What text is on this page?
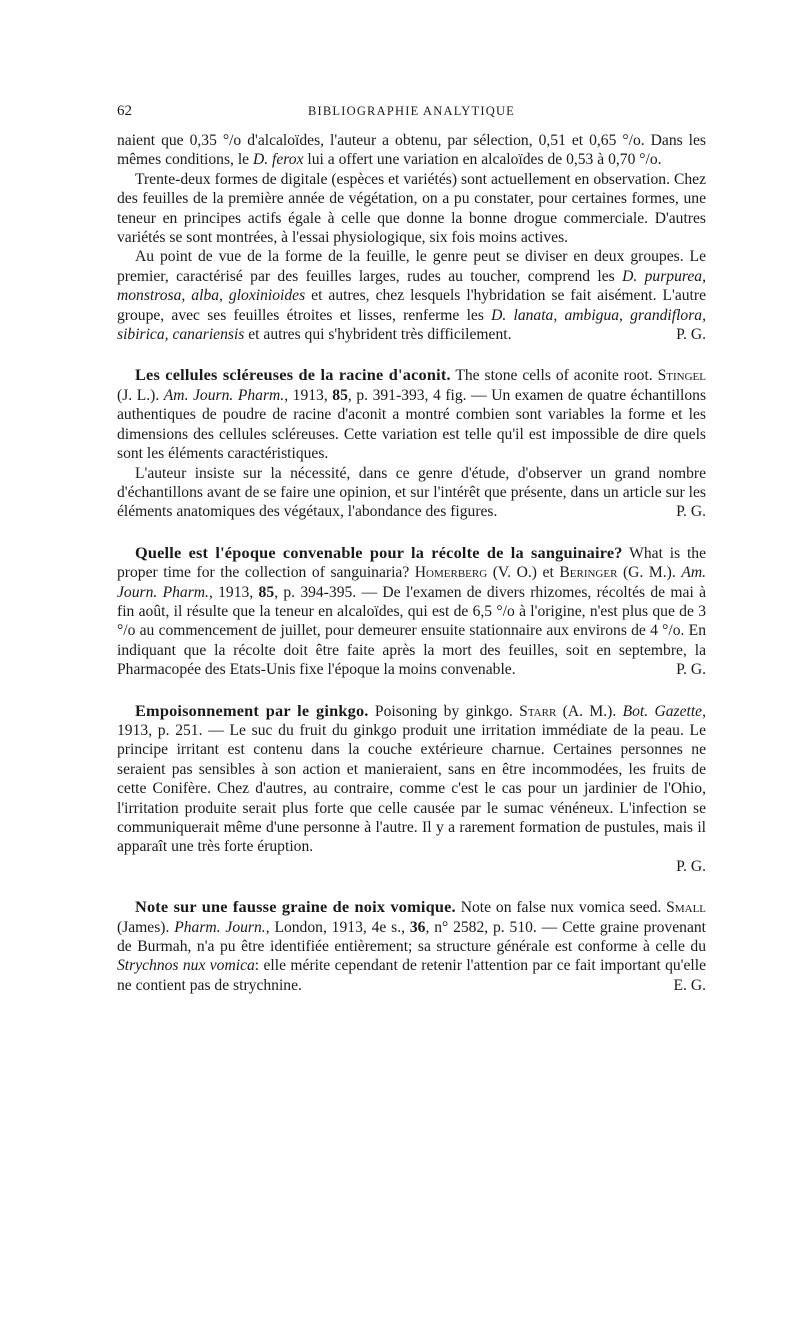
62	BIBLIOGRAPHIE ANALYTIQUE

naient que 0,35 °/o d'alcaloïdes, l'auteur a obtenu, par sélection, 0,51 et 0,65 °/o. Dans les mêmes conditions, le D. ferox lui a offert une variation en alcaloïdes de 0,53 à 0,70 °/o.

Trente-deux formes de digitale (espèces et variétés) sont actuellement en observation. Chez des feuilles de la première année de végétation, on a pu constater, pour certaines formes, une teneur en principes actifs égale à celle que donne la bonne drogue commerciale. D'autres variétés se sont montrées, à l'essai physiologique, six fois moins actives.

Au point de vue de la forme de la feuille, le genre peut se diviser en deux groupes. Le premier, caractérisé par des feuilles larges, rudes au toucher, comprend les D. purpurea, monstrosa, alba, gloxinioides et autres, chez lesquels l'hybridation se fait aisément. L'autre groupe, avec ses feuilles étroites et lisses, renferme les D. lanata, ambigua, grandiflora, sibirica, canariensis et autres qui s'hybrident très difficilement.	P. G.

Les cellules scléreuses de la racine d'aconit. The stone cells of aconite root. Stingel (J. L.). Am. Journ. Pharm., 1913, 85, p. 391-393, 4 fig. — Un examen de quatre échantillons authentiques de poudre de racine d'aconit a montré combien sont variables la forme et les dimensions des cellules scléreuses. Cette variation est telle qu'il est impossible de dire quels sont les éléments caractéristiques.

L'auteur insiste sur la nécessité, dans ce genre d'étude, d'observer un grand nombre d'échantillons avant de se faire une opinion, et sur l'intérêt que présente, dans un article sur les éléments anatomiques des végétaux, l'abondance des figures.	P. G.

Quelle est l'époque convenable pour la récolte de la sanguinaire? What is the proper time for the collection of sanguinaria? Homerberg (V. O.) et Beringer (G. M.). Am. Journ. Pharm., 1913, 85, p. 394-395. — De l'examen de divers rhizomes, récoltés de mai à fin août, il résulte que la teneur en alcaloïdes, qui est de 6,5 °/o à l'origine, n'est plus que de 3 °/o au commencement de juillet, pour demeurer ensuite stationnaire aux environs de 4 °/o. En indiquant que la récolte doit être faite après la mort des feuilles, soit en septembre, la Pharmacopée des Etats-Unis fixe l'époque la moins convenable.	P. G.

Empoisonnement par le ginkgo. Poisoning by ginkgo. Starr (A. M.). Bot. Gazette, 1913, p. 251. — Le suc du fruit du ginkgo produit une irritation immédiate de la peau. Le principe irritant est contenu dans la couche extérieure charnue. Certaines personnes ne seraient pas sensibles à son action et manieraient, sans en être incommodées, les fruits de cette Conifère. Chez d'autres, au contraire, comme c'est le cas pour un jardinier de l'Ohio, l'irritation produite serait plus forte que celle causée par le sumac vénéneux. L'infection se communiquerait même d'une personne à l'autre. Il y a rarement formation de pustules, mais il apparaît une très forte éruption.

P. G.

Note sur une fausse graine de noix vomique. Note on false nux vomica seed. Small (James). Pharm. Journ., London, 1913, 4e s., 36, n° 2582, p. 510. — Cette graine provenant de Burmah, n'a pu être identifiée entièrement; sa structure générale est conforme à celle du Strychnos nux vomica: elle mérite cependant de retenir l'attention par ce fait important qu'elle ne contient pas de strychnine.	E. G.
